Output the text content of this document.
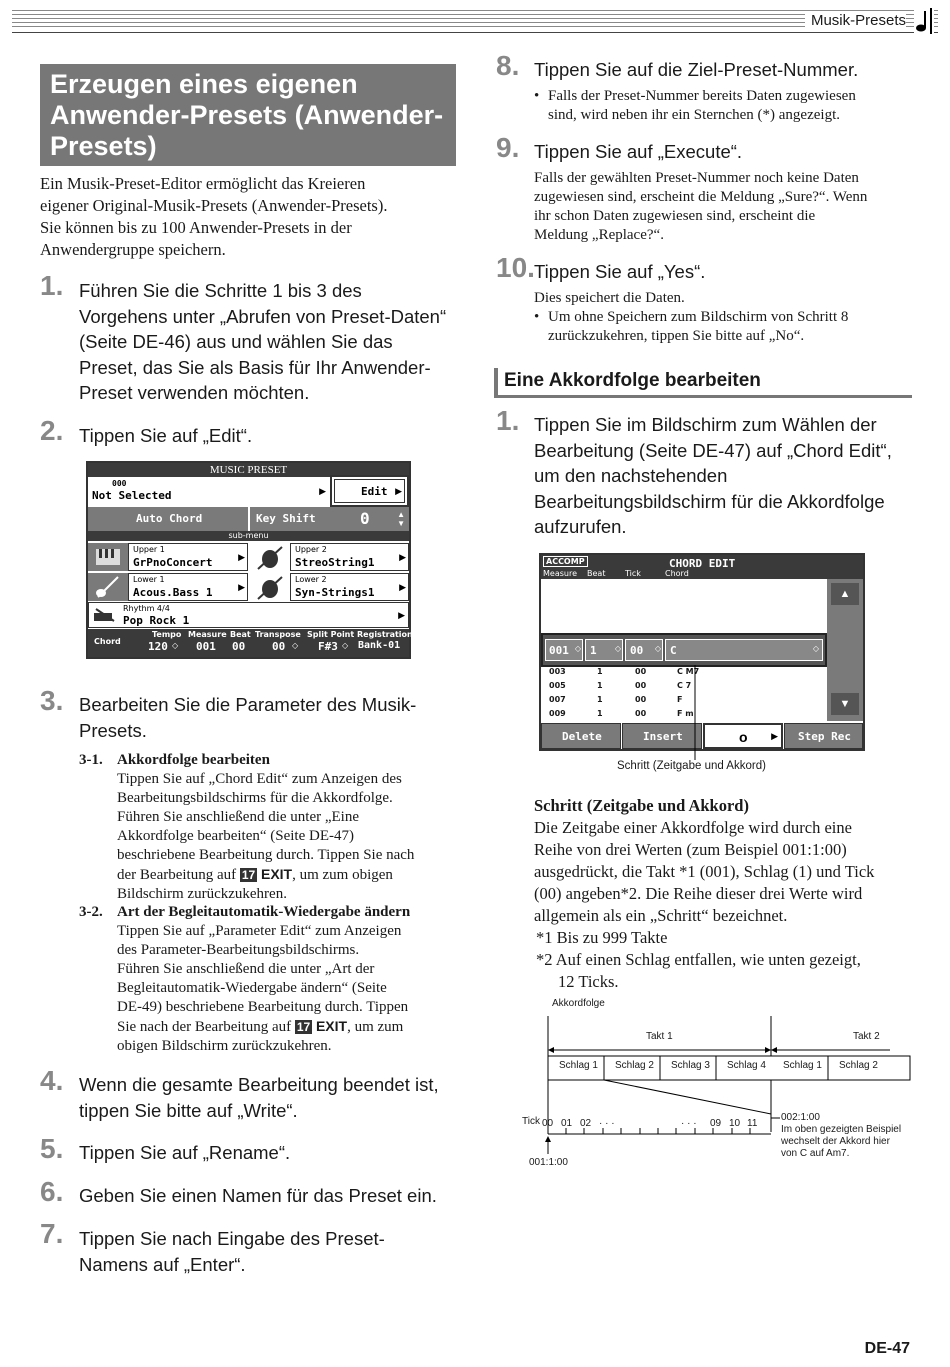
Musik-Presets
Erzeugen eines eigenen
Anwender-Presets (Anwender-
Presets)
Ein Musik-Preset-Editor ermöglicht das Kreieren
eigener Original-Musik-Presets (Anwender-Presets).
Sie können bis zu 100 Anwender-Presets in der
Anwendergruppe speichern.
1. Führen Sie die Schritte 1 bis 3 des
Vorgehens unter „Abrufen von Preset-Daten“
(Seite DE-46) aus und wählen Sie das
Preset, das Sie als Basis für Ihr Anwender-
Preset verwenden möchten.
2. Tippen Sie auf „Edit“.
MUSIC PRESET
000
Not Selected	▶	Edit ▶
Auto Chord	Key Shift	0	▲
▼
sub-menu
Upper 1
GrPnoConcert	▶
Upper 2
StreoString1	▶
Lower 1
Acous.Bass 1	▶
Lower 2
Syn-Strings1	▶
Rhythm 4/4
Pop Rock 1	▶
Chord
Tempo
120 ◇
Measure
001
Beat
00
Transpose
00 ◇
Split Point
F#3 ◇
Registration
Bank-01
3. Bearbeiten Sie die Parameter des Musik-
Presets.
3-1. Akkordfolge bearbeiten
Tippen Sie auf „Chord Edit“ zum Anzeigen des
Bearbeitungsbildschirms für die Akkordfolge.
Führen Sie anschließend die unter „Eine
Akkordfolge bearbeiten“ (Seite DE-47)
beschriebene Bearbeitung durch. Tippen Sie nach
der Bearbeitung auf 17 EXIT, um zum obigen
Bildschirm zurückzukehren.
3-2. Art der Begleitautomatik-Wiedergabe ändern
Tippen Sie auf „Parameter Edit“ zum Anzeigen
des Parameter-Bearbeitungsbildschirms.
Führen Sie anschließend die unter „Art der
Begleitautomatik-Wiedergabe ändern“ (Seite
DE-49) beschriebene Bearbeitung durch. Tippen
Sie nach der Bearbeitung auf 17 EXIT, um zum
obigen Bildschirm zurückzukehren.
4. Wenn die gesamte Bearbeitung beendet ist,
tippen Sie bitte auf „Write“.
5. Tippen Sie auf „Rename“.
6. Geben Sie einen Namen für das Preset ein.
7. Tippen Sie nach Eingabe des Preset-
Namens auf „Enter“.
8. Tippen Sie auf die Ziel-Preset-Nummer.
• Falls der Preset-Nummer bereits Daten zugewiesen
sind, wird neben ihr ein Sternchen (*) angezeigt.
9. Tippen Sie auf „Execute“.
Falls der gewählten Preset-Nummer noch keine Daten
zugewiesen sind, erscheint die Meldung „Sure?“. Wenn
ihr schon Daten zugewiesen sind, erscheint die
Meldung „Replace?“.
10. Tippen Sie auf „Yes“.
Dies speichert die Daten.
• Um ohne Speichern zum Bildschirm von Schritt 8
zurückzukehren, tippen Sie bitte auf „No“.
Eine Akkordfolge bearbeiten
1. Tippen Sie im Bildschirm zum Wählen der
Bearbeitung (Seite DE-47) auf „Chord Edit“,
um den nachstehenden
Bearbeitungsbildschirm für die Akkordfolge
aufzurufen.
ACCOMP	CHORD EDIT
Measure Beat Tick	Chord
▲
▼
001 ◇ 1 ◇ 00 ◇ C	◇
003	1	00	C M7
005	1	00	C 7
007	1	00	F
009	1	00	F m
Delete	Insert	o	▶ Step Rec
Schritt (Zeitgabe und Akkord)
Schritt (Zeitgabe und Akkord)
Die Zeitgabe einer Akkordfolge wird durch eine
Reihe von drei Werten (zum Beispiel 001:1:00)
ausgedrückt, die Takt *1 (001), Schlag (1) und Tick
(00) angeben*2. Die Reihe dieser drei Werte wird
allgemein als ein „Schritt“ bezeichnet.
*1 Bis zu 999 Takte
*2 Auf einen Schlag entfallen, wie unten gezeigt,
12 Ticks.
Akkordfolge
Takt 1	Takt 2
Schlag 1 Schlag 2 Schlag 3 Schlag 4 Schlag 1 Schlag 2
Tick 00 01 02 · · ·	· · · 09 10 11
001:1:00
002:1:00
Im oben gezeigten Beispiel
wechselt der Akkord hier
von C auf Am7.
DE-47
